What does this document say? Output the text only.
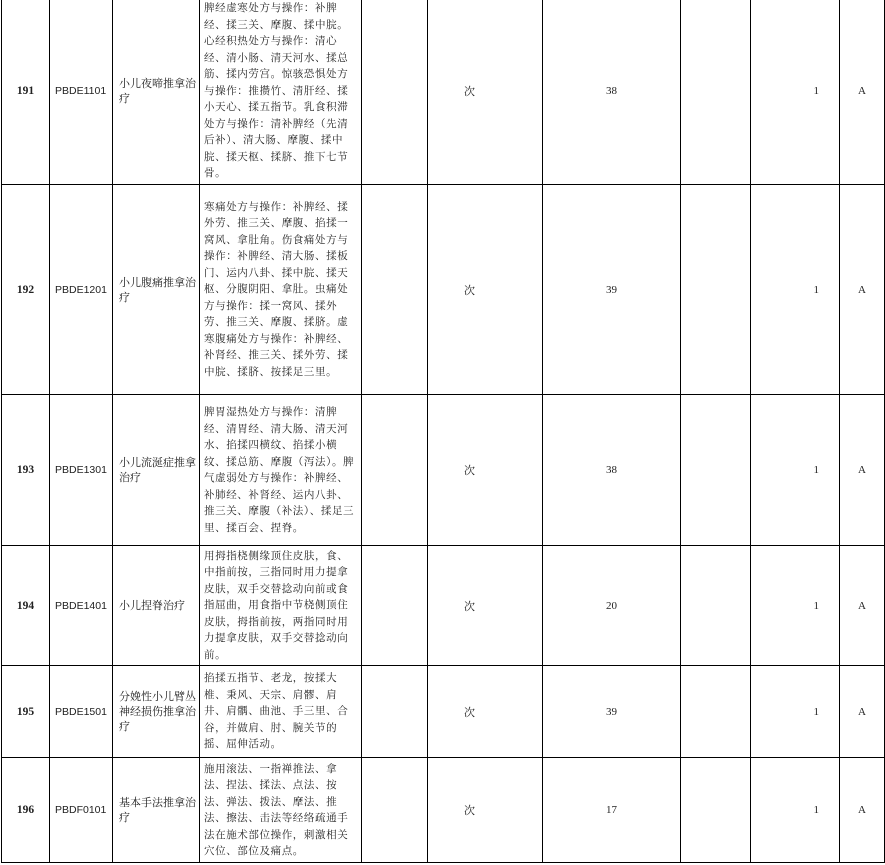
191	PBDE1101	小儿夜啼推拿治疗	脾经虚寒处方与操作：补脾经、揉三关、摩腹、揉中脘。心经积热处方与操作：清心经、清小肠、清天河水、揉总筋、揉内劳宫。惊骇恐惧处方与操作：推攒竹、清肝经、揉小天心、揉五指节。乳食积滞处方与操作：清补脾经（先清后补）、清大肠、摩腹、揉中脘、揉天枢、揉脐、推下七节骨。		次	38		1	A
192	PBDE1201	小儿腹痛推拿治疗	寒痛处方与操作：补脾经、揉外劳、推三关、摩腹、掐揉一窝风、拿肚角。伤食痛处方与操作：补脾经、清大肠、揉板门、运内八卦、揉中脘、揉天枢、分腹阴阳、拿肚。虫痛处方与操作：揉一窝风、揉外劳、推三关、摩腹、揉脐。虚寒腹痛处方与操作：补脾经、补肾经、推三关、揉外劳、揉中脘、揉脐、按揉足三里。		次	39		1	A
193	PBDE1301	小儿流涎症推拿治疗	脾胃湿热处方与操作：清脾经、清胃经、清大肠、清天河水、掐揉四横纹、掐揉小横纹、揉总筋、摩腹（泻法）。脾气虚弱处方与操作：补脾经、补肺经、补肾经、运内八卦、推三关、摩腹（补法）、揉足三里、揉百会、捏脊。		次	38		1	A
194	PBDE1401	小儿捏脊治疗	用拇指桡侧缘顶住皮肤，食、中指前按，三指同时用力提拿皮肤，双手交替捻动向前或食指屈曲，用食指中节桡侧顶住皮肤，拇指前按，两指同时用力提拿皮肤，双手交替捻动向前。		次	20		1	A
195	PBDE1501	分娩性小儿臂丛神经损伤推拿治疗	掐揉五指节、老龙，按揉大椎、秉风、天宗、肩髎、肩井、肩髃、曲池、手三里、合谷，并做肩、肘、腕关节的摇、屈伸活动。		次	39		1	A
196	PBDF0101	基本手法推拿治疗	施用滚法、一指禅推法、拿法、捏法、揉法、点法、按法、弹法、拨法、摩法、推法、擦法、击法等经络疏通手法在施术部位操作，刺激相关穴位、部位及痛点。		次	17		1	A
